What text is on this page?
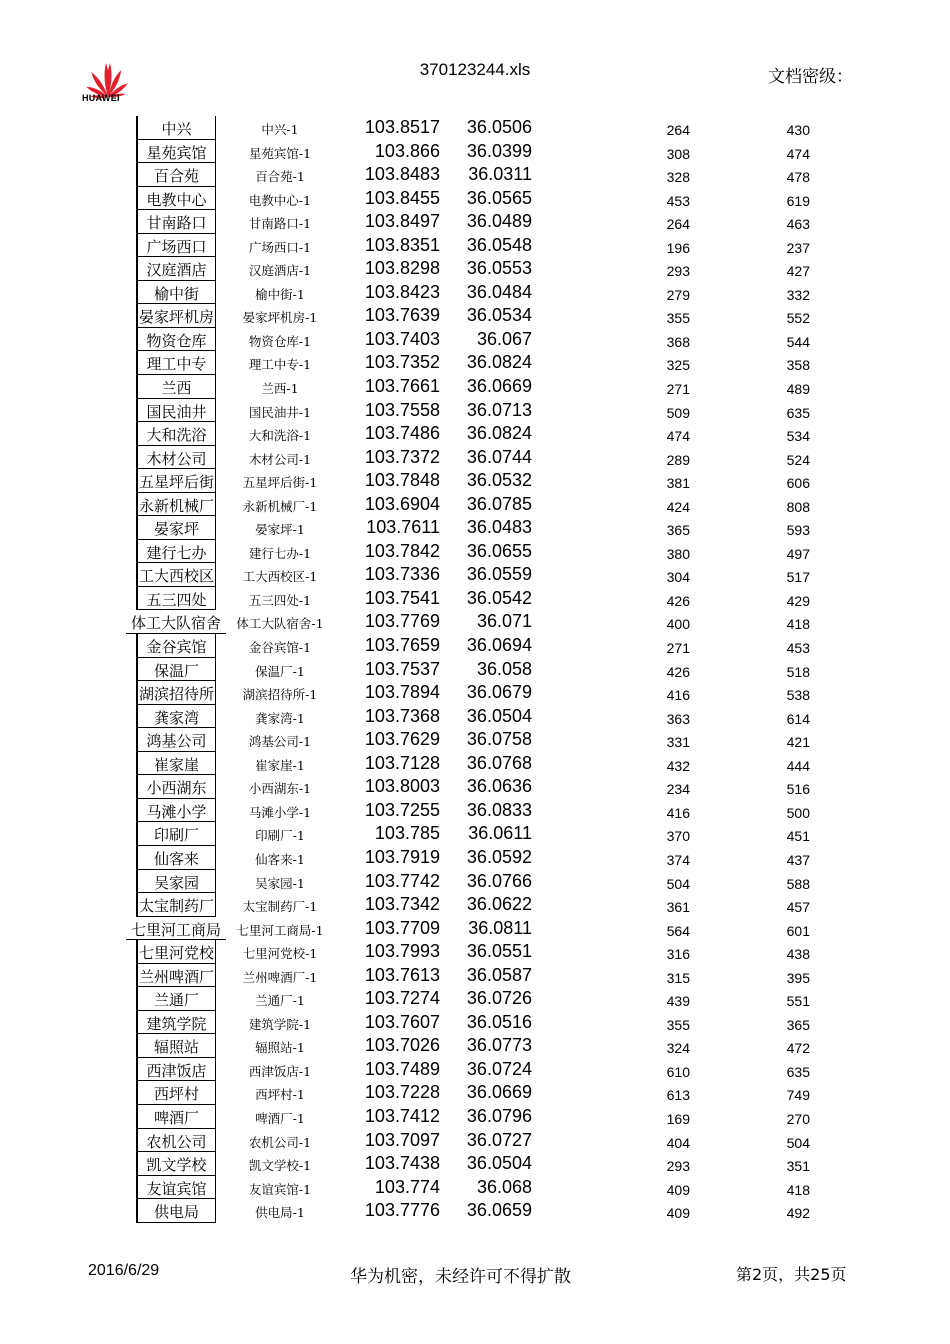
HUAWEI
370123244.xls	文档密级：
中兴	中兴-1	103.8517 36.0506	264	430
星苑宾馆	星苑宾馆-1	103.866 36.0399	308	474
百合苑	百合苑-1	103.8483 36.0311	328	478
电教中心	电教中心-1	103.8455 36.0565	453	619
甘南路口	甘南路口-1	103.8497 36.0489	264	463
广场西口	广场西口-1	103.8351 36.0548	196	237
汉庭酒店	汉庭酒店-1	103.8298 36.0553	293	427
榆中街	榆中街-1	103.8423 36.0484	279	332
晏家坪机房	晏家坪机房-1	103.7639 36.0534	355	552
物资仓库	物资仓库-1	103.7403 36.067	368	544
理工中专	理工中专-1	103.7352 36.0824	325	358
兰西	兰西-1	103.7661 36.0669	271	489
国民油井	国民油井-1	103.7558 36.0713	509	635
大和洗浴	大和洗浴-1	103.7486 36.0824	474	534
木材公司	木材公司-1	103.7372 36.0744	289	524
五星坪后街	五星坪后街-1	103.7848 36.0532	381	606
永新机械厂	永新机械厂-1	103.6904 36.0785	424	808
晏家坪	晏家坪-1	103.7611 36.0483	365	593
建行七办	建行七办-1	103.7842 36.0655	380	497
工大西校区	工大西校区-1	103.7336 36.0559	304	517
五三四处	五三四处-1	103.7541 36.0542	426	429
体工大队宿舍	体工大队宿舍-1	103.7769 36.071	400	418
金谷宾馆	金谷宾馆-1	103.7659 36.0694	271	453
保温厂	保温厂-1	103.7537 36.058	426	518
湖滨招待所	湖滨招待所-1	103.7894 36.0679	416	538
龚家湾	龚家湾-1	103.7368 36.0504	363	614
鸿基公司	鸿基公司-1	103.7629 36.0758	331	421
崔家崖	崔家崖-1	103.7128 36.0768	432	444
小西湖东	小西湖东-1	103.8003 36.0636	234	516
马滩小学	马滩小学-1	103.7255 36.0833	416	500
印刷厂	印刷厂-1	103.785 36.0611	370	451
仙客来	仙客来-1	103.7919 36.0592	374	437
吴家园	吴家园-1	103.7742 36.0766	504	588
太宝制药厂	太宝制药厂-1	103.7342 36.0622	361	457
七里河工商局	七里河工商局-1	103.7709 36.0811	564	601
七里河党校	七里河党校-1	103.7993 36.0551	316	438
兰州啤酒厂	兰州啤酒厂-1	103.7613 36.0587	315	395
兰通厂	兰通厂-1	103.7274 36.0726	439	551
建筑学院	建筑学院-1	103.7607 36.0516	355	365
辐照站	辐照站-1	103.7026 36.0773	324	472
西津饭店	西津饭店-1	103.7489 36.0724	610	635
西坪村	西坪村-1	103.7228 36.0669	613	749
啤酒厂	啤酒厂-1	103.7412 36.0796	169	270
农机公司	农机公司-1	103.7097 36.0727	404	504
凯文学校	凯文学校-1	103.7438 36.0504	293	351
友谊宾馆	友谊宾馆-1	103.774 36.068	409	418
供电局	供电局-1	103.7776 36.0659	409	492
2016/6/29	华为机密，未经许可不得扩散	第2页，共25页
